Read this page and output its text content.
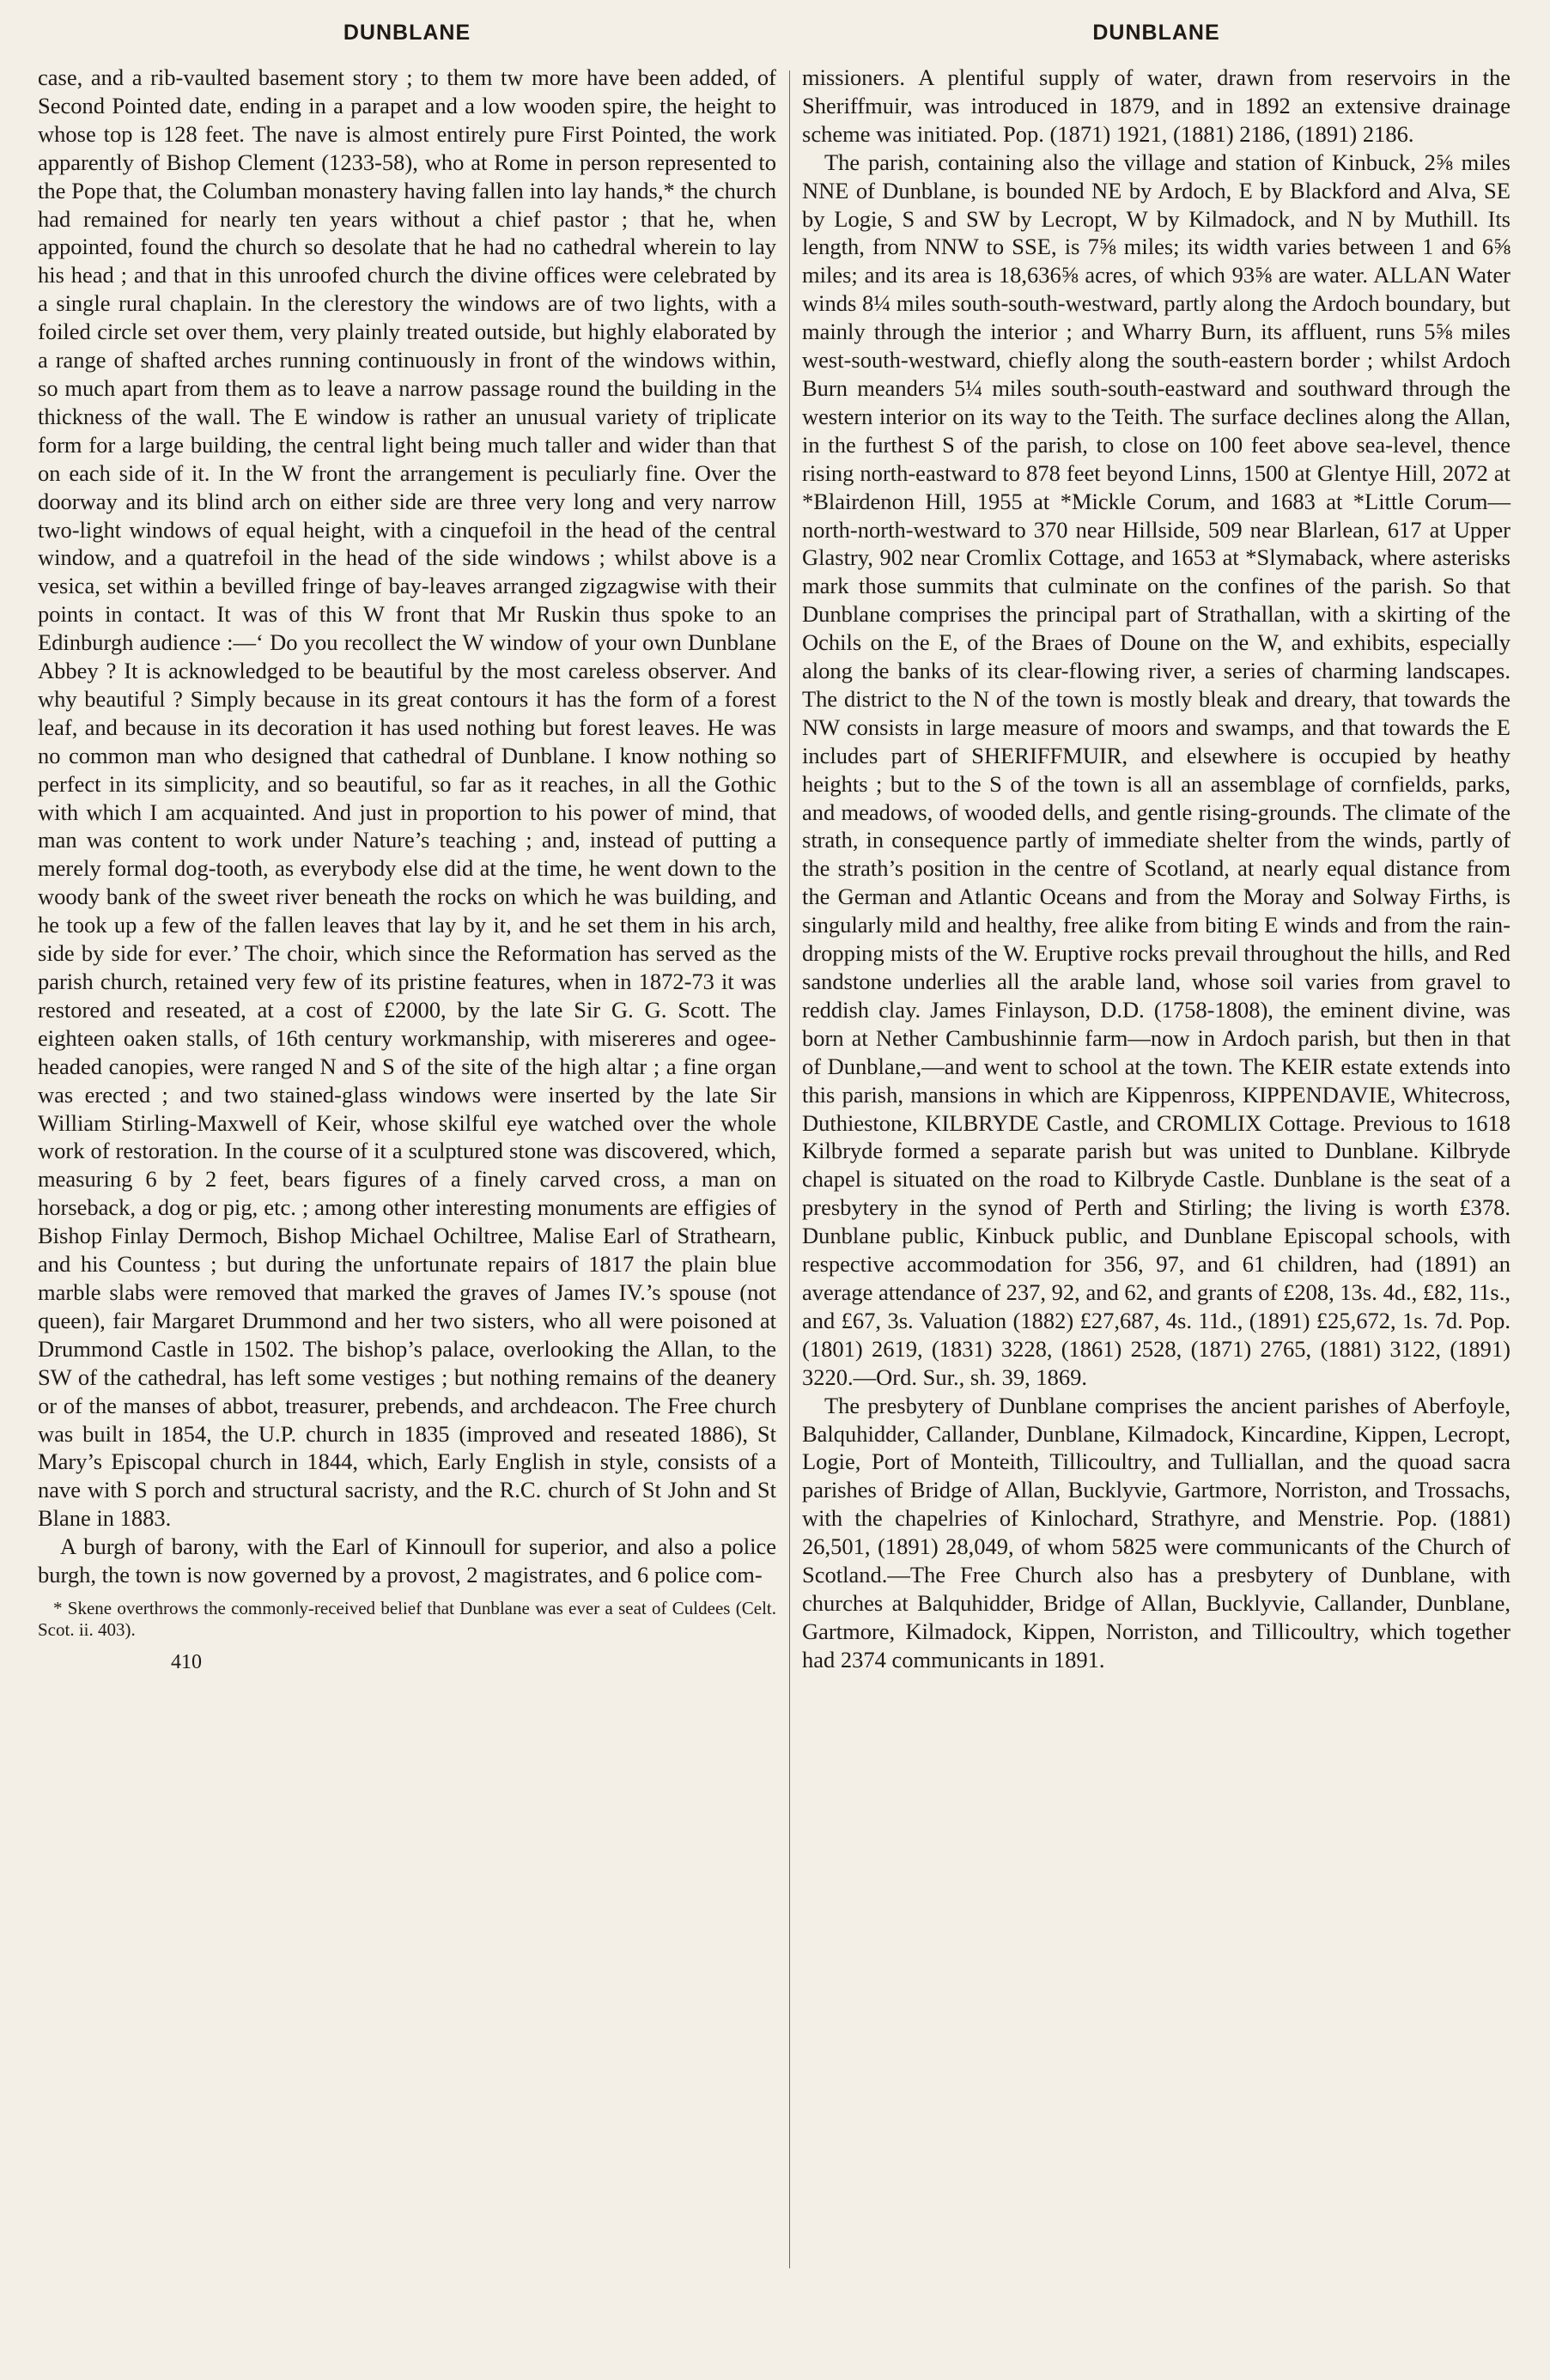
DUNBLANE

case, and a rib-vaulted basement story ; to them tw more have been added, of Second Pointed date, ending in a parapet and a low wooden spire, the height to whose top is 128 feet. The nave is almost entirely pure First Pointed, the work apparently of Bishop Clement (1233-58), who at Rome in person represented to the Pope that, the Columban monastery having fallen into lay hands,* the church had remained for nearly ten years without a chief pastor ; that he, when appointed, found the church so desolate that he had no cathedral wherein to lay his head ; and that in this unroofed church the divine offices were celebrated by a single rural chaplain. In the clerestory the windows are of two lights, with a foiled circle set over them, very plainly treated outside, but highly elaborated by a range of shafted arches running continuously in front of the windows within, so much apart from them as to leave a narrow passage round the building in the thickness of the wall. The E window is rather an unusual variety of triplicate form for a large building, the central light being much taller and wider than that on each side of it. In the W front the arrangement is peculiarly fine. Over the doorway and its blind arch on either side are three very long and very narrow two-light windows of equal height, with a cinquefoil in the head of the central window, and a quatrefoil in the head of the side windows ; whilst above is a vesica, set within a bevilled fringe of bay-leaves arranged zigzagwise with their points in contact. It was of this W front that Mr Ruskin thus spoke to an Edinburgh audience :—‘ Do you recollect the W window of your own Dunblane Abbey ? It is acknowledged to be beautiful by the most careless observer. And why beautiful ? Simply because in its great contours it has the form of a forest leaf, and because in its decoration it has used nothing but forest leaves. He was no common man who designed that cathedral of Dunblane. I know nothing so perfect in its simplicity, and so beautiful, so far as it reaches, in all the Gothic with which I am acquainted. And just in proportion to his power of mind, that man was content to work under Nature’s teaching ; and, instead of putting a merely formal dog-tooth, as everybody else did at the time, he went down to the woody bank of the sweet river beneath the rocks on which he was building, and he took up a few of the fallen leaves that lay by it, and he set them in his arch, side by side for ever.’ The choir, which since the Reformation has served as the parish church, retained very few of its pristine features, when in 1872-73 it was restored and reseated, at a cost of £2000, by the late Sir G. G. Scott. The eighteen oaken stalls, of 16th century workmanship, with misereres and ogee-headed canopies, were ranged N and S of the site of the high altar ; a fine organ was erected ; and two stained-glass windows were inserted by the late Sir William Stirling-Maxwell of Keir, whose skilful eye watched over the whole work of restoration. In the course of it a sculptured stone was discovered, which, measuring 6 by 2 feet, bears figures of a finely carved cross, a man on horseback, a dog or pig, etc. ; among other interesting monuments are effigies of Bishop Finlay Dermoch, Bishop Michael Ochiltree, Malise Earl of Strathearn, and his Countess ; but during the unfortunate repairs of 1817 the plain blue marble slabs were removed that marked the graves of James IV.’s spouse (not queen), fair Margaret Drummond and her two sisters, who all were poisoned at Drummond Castle in 1502. The bishop’s palace, overlooking the Allan, to the SW of the cathedral, has left some vestiges ; but nothing remains of the deanery or of the manses of abbot, treasurer, prebends, and archdeacon. The Free church was built in 1854, the U.P. church in 1835 (improved and reseated 1886), St Mary’s Episcopal church in 1844, which, Early English in style, consists of a nave with S porch and structural sacristy, and the R.C. church of St John and St Blane in 1883.

A burgh of barony, with the Earl of Kinnoull for superior, and also a police burgh, the town is now governed by a provost, 2 magistrates, and 6 police com-

* Skene overthrows the commonly-received belief that Dunblane was ever a seat of Culdees (Celt. Scot. ii. 403).
410
DUNBLANE

missioners. A plentiful supply of water, drawn from reservoirs in the Sheriffmuir, was introduced in 1879, and in 1892 an extensive drainage scheme was initiated. Pop. (1871) 1921, (1881) 2186, (1891) 2186.

The parish, containing also the village and station of Kinbuck, 2⅝ miles NNE of Dunblane, is bounded NE by Ardoch, E by Blackford and Alva, SE by Logie, S and SW by Lecropt, W by Kilmadock, and N by Muthill. Its length, from NNW to SSE, is 7⅝ miles; its width varies between 1 and 6⅝ miles; and its area is 18,636⅝ acres, of which 93⅝ are water. ALLAN Water winds 8¼ miles south-south-westward, partly along the Ardoch boundary, but mainly through the interior ; and Wharry Burn, its affluent, runs 5⅝ miles west-south-westward, chiefly along the south-eastern border ; whilst Ardoch Burn meanders 5¼ miles south-south-eastward and southward through the western interior on its way to the Teith. The surface declines along the Allan, in the furthest S of the parish, to close on 100 feet above sea-level, thence rising north-eastward to 878 feet beyond Linns, 1500 at Glentye Hill, 2072 at *Blairdenon Hill, 1955 at *Mickle Corum, and 1683 at *Little Corum—north-north-westward to 370 near Hillside, 509 near Blarlean, 617 at Upper Glastry, 902 near Cromlix Cottage, and 1653 at *Slymaback, where asterisks mark those summits that culminate on the confines of the parish. So that Dunblane comprises the principal part of Strathallan, with a skirting of the Ochils on the E, of the Braes of Doune on the W, and exhibits, especially along the banks of its clear-flowing river, a series of charming landscapes. The district to the N of the town is mostly bleak and dreary, that towards the NW consists in large measure of moors and swamps, and that towards the E includes part of SHERIFFMUIR, and elsewhere is occupied by heathy heights ; but to the S of the town is all an assemblage of cornfields, parks, and meadows, of wooded dells, and gentle rising-grounds. The climate of the strath, in consequence partly of immediate shelter from the winds, partly of the strath’s position in the centre of Scotland, at nearly equal distance from the German and Atlantic Oceans and from the Moray and Solway Firths, is singularly mild and healthy, free alike from biting E winds and from the rain-dropping mists of the W. Eruptive rocks prevail throughout the hills, and Red sandstone underlies all the arable land, whose soil varies from gravel to reddish clay. James Finlayson, D.D. (1758-1808), the eminent divine, was born at Nether Cambushinnie farm—now in Ardoch parish, but then in that of Dunblane,—and went to school at the town. The KEIR estate extends into this parish, mansions in which are Kippenross, KIPPENDAVIE, Whitecross, Duthiestone, KILBRYDE Castle, and CROMLIX Cottage. Previous to 1618 Kilbryde formed a separate parish but was united to Dunblane. Kilbryde chapel is situated on the road to Kilbryde Castle. Dunblane is the seat of a presbytery in the synod of Perth and Stirling; the living is worth £378. Dunblane public, Kinbuck public, and Dunblane Episcopal schools, with respective accommodation for 356, 97, and 61 children, had (1891) an average attendance of 237, 92, and 62, and grants of £208, 13s. 4d., £82, 11s., and £67, 3s. Valuation (1882) £27,687, 4s. 11d., (1891) £25,672, 1s. 7d. Pop. (1801) 2619, (1831) 3228, (1861) 2528, (1871) 2765, (1881) 3122, (1891) 3220.—Ord. Sur., sh. 39, 1869.

The presbytery of Dunblane comprises the ancient parishes of Aberfoyle, Balquhidder, Callander, Dunblane, Kilmadock, Kincardine, Kippen, Lecropt, Logie, Port of Monteith, Tillicoultry, and Tulliallan, and the quoad sacra parishes of Bridge of Allan, Bucklyvie, Gartmore, Norriston, and Trossachs, with the chapelries of Kinlochard, Strathyre, and Menstrie. Pop. (1881) 26,501, (1891) 28,049, of whom 5825 were communicants of the Church of Scotland.—The Free Church also has a presbytery of Dunblane, with churches at Balquhidder, Bridge of Allan, Bucklyvie, Callander, Dunblane, Gartmore, Kilmadock, Kippen, Norriston, and Tillicoultry, which together had 2374 communicants in 1891.
